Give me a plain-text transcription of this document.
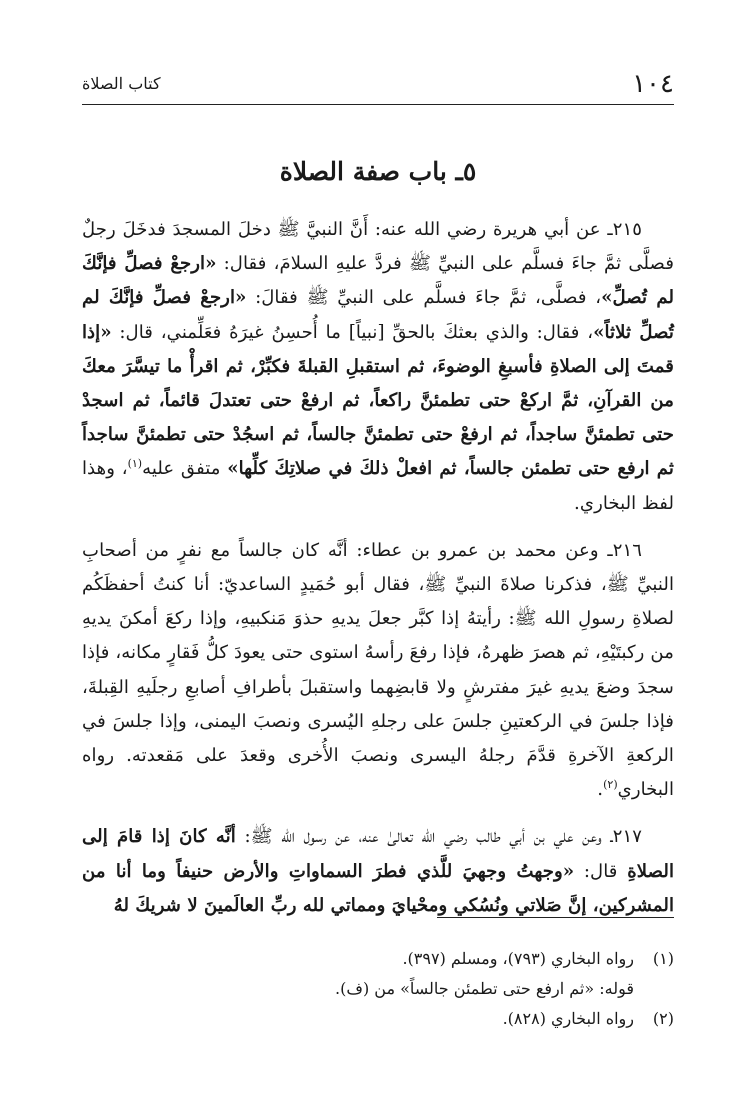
١٠٤
كتاب الصلاة
٥ـ باب صفة الصلاة

٢١٥ـ عن أبي هريرة رضي الله عنه: أَنَّ النبيَّ ﷺ دخلَ المسجدَ فدخَلَ رجلٌ فصلَّى ثمَّ جاءَ فسلَّم على النبيِّ ﷺ فردَّ عليهِ السلامَ، فقال: «ارجعْ فصلِّ فإنَّكَ لم تُصلِّ»، فصلَّى، ثمَّ جاءَ فسلَّم على النبيِّ ﷺ فقالَ: «ارجعْ فصلِّ فإنَّكَ لم تُصلِّ ثلاثاً»، فقال: والذي بعثكَ بالحقِّ [نبياً] ما أُحسِنُ غيرَهُ فعَلِّمني، قال: «إذا قمتَ إلى الصلاةِ فأسبغِ الوضوءَ، ثم استقبلِ القبلةَ فكبِّرْ، ثم اقرأْ ما تيسَّرَ معكَ من القرآنِ، ثمَّ اركعْ حتى تطمئنَّ راكعاً، ثم ارفعْ حتى تعتدلَ قائماً، ثم اسجدْ حتى تطمئنَّ ساجداً، ثم ارفعْ حتى تطمئنَّ جالساً، ثم اسجُدْ حتى تطمئنَّ ساجداً ثم ارفع حتى تطمئن جالساً، ثم افعلْ ذلكَ في صلاتِكَ كلِّها» متفق عليه$^{(١)}$، وهذا لفظ البخاري.

٢١٦ـ وعن محمد بن عمرو بن عطاء: أنَّه كان جالساً مع نفرٍ من أصحابِ النبيِّ ﷺ، فذكرنا صلاةَ النبيِّ ﷺ، فقال أبو حُمَيدٍ الساعديّ: أنا كنتُ أحفظَكُم لصلاةِ رسولِ الله ﷺ: رأيتهُ إذا كبَّر جعلَ يديهِ حذوَ مَنكبيهِ، وإذا ركعَ أمكنَ يديهِ من ركبتَيْهِ، ثم هصرَ ظهرهُ، فإذا رفعَ رأسهُ استوى حتى يعودَ كلُّ فَقارٍ مكانه، فإذا سجدَ وضعَ يديهِ غيرَ مفترشٍ ولا قابضِهما واستقبلَ بأطرافِ أصابعِ رجلَيهِ القِبلةَ، فإذا جلسَ في الركعتينِ جلسَ على رجلهِ اليُسرى ونصبَ اليمنى، وإذا جلسَ في الركعةِ الآخرةِ قدَّمَ رجلهُ اليسرى ونصبَ الأُخرى وقعدَ على مَقعدته. رواه البخاري$^{(٢)}$.

٢١٧ـ وعن علي بن أبي طالب رضي الله تعالىٰ عنه، عن رسول الله ﷺ: أنَّه كانَ إذا قامَ إلى الصلاةِ قال: «وجهتُ وجهيَ للَّذي فطرَ السماواتِ والأرض حنيفاً وما أنا من المشركين، إنَّ صَلاتي ونُسُكي ومحْيايَ ومماتي لله ربِّ العالَمينَ لا شريكَ لهُ

(١)رواه البخاري (٧٩٣)، ومسلم (٣٩٧).

قوله: «ثم ارفع حتى تطمئن جالساً» من (ف).

(٢)رواه البخاري (٨٢٨).
